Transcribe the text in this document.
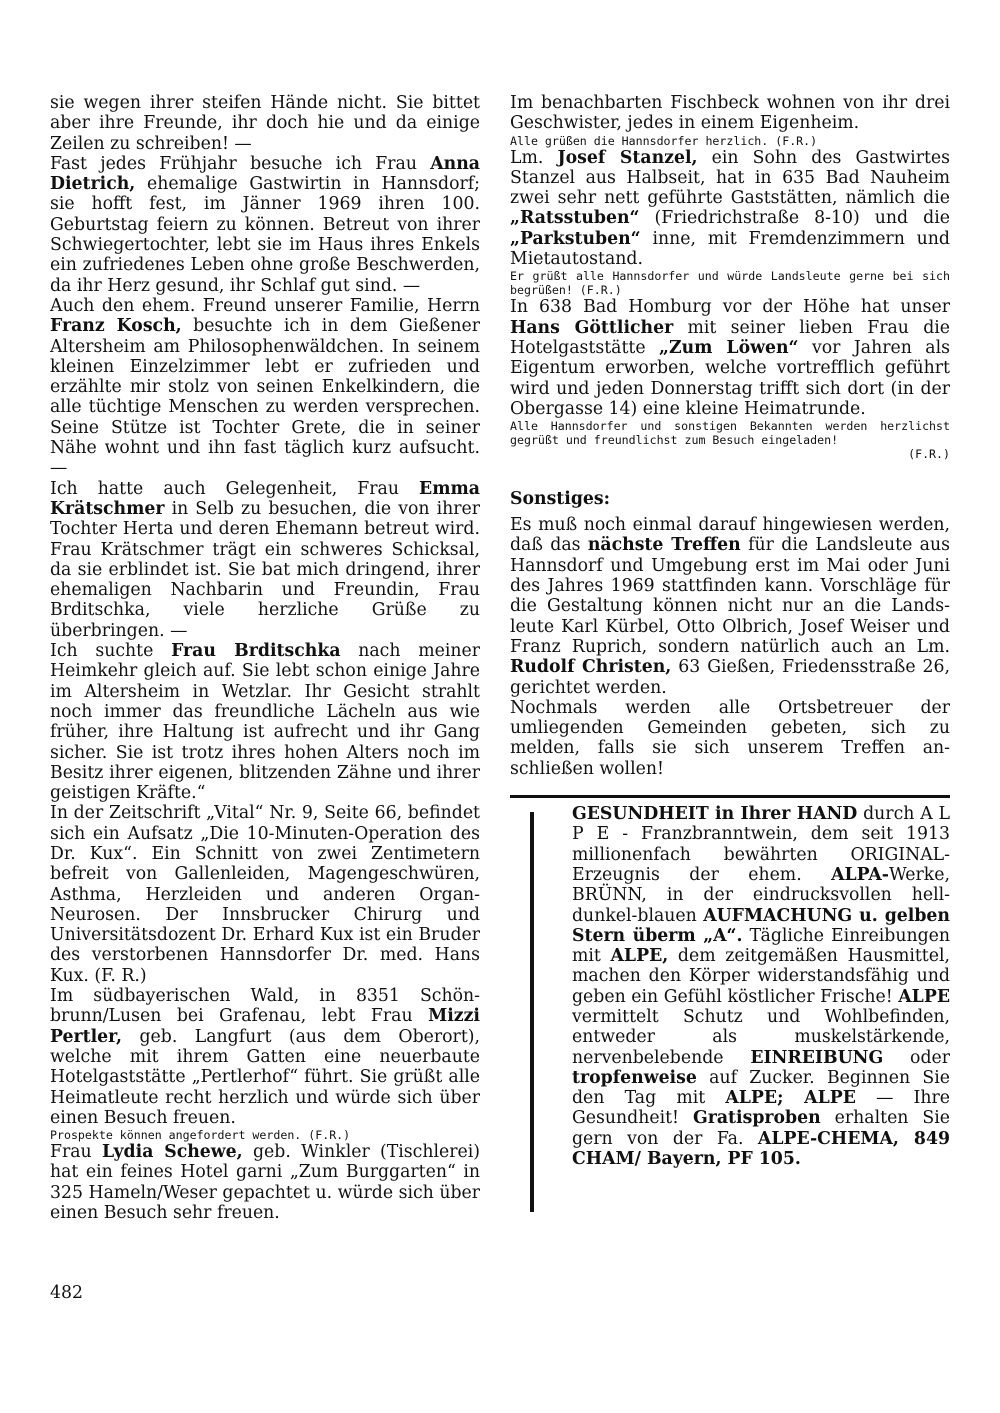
sie wegen ihrer steifen Hände nicht. Sie bittet aber ihre Freunde, ihr doch hie und da einige Zeilen zu schreiben! —

Fast jedes Frühjahr besuche ich Frau Anna Dietrich, ehemalige Gastwirtin in Hannsdorf; sie hofft fest, im Jänner 1969 ihren 100. Geburtstag feiern zu können. Betreut von ihrer Schwiegertochter, lebt sie im Haus ihres Enkels ein zufriedenes Leben ohne große Beschwerden, da ihr Herz gesund, ihr Schlaf gut sind. —

Auch den ehem. Freund unserer Familie, Herrn Franz Kosch, besuchte ich in dem Gießener Altersheim am Philosophenwäldchen. In seinem kleinen Einzelzimmer lebt er zufrieden und erzählte mir stolz von seinen Enkelkindern, die alle tüchtige Menschen zu werden versprechen. Seine Stütze ist Tochter Grete, die in seiner Nähe wohnt und ihn fast täglich kurz aufsucht. —

Ich hatte auch Gelegenheit, Frau Emma Krätschmer in Selb zu besuchen, die von ihrer Tochter Herta und deren Ehemann betreut wird. Frau Krätschmer trägt ein schweres Schicksal, da sie erblindet ist. Sie bat mich dringend, ihrer ehemaligen Nachbarin und Freundin, Frau Brditschka, viele herzliche Grüße zu überbringen. —

Ich suchte Frau Brditschka nach meiner Heimkehr gleich auf. Sie lebt schon einige Jahre im Altersheim in Wetzlar. Ihr Gesicht strahlt noch immer das freundliche Lächeln aus wie früher, ihre Haltung ist aufrecht und ihr Gang sicher. Sie ist trotz ihres hohen Alters noch im Besitz ihrer eigenen, blitzenden Zähne und ihrer geistigen Kräfte.“

In der Zeitschrift „Vital“ Nr. 9, Seite 66, befindet sich ein Aufsatz „Die 10-Minuten-Operation des Dr. Kux“. Ein Schnitt von zwei Zentimetern befreit von Gallenleiden, Magengeschwüren, Asthma, Herzleiden und anderen Organ-Neurosen. Der Innsbrucker Chirurg und Universitätsdozent Dr. Erhard Kux ist ein Bruder des verstorbenen Hannsdorfer Dr. med. Hans Kux. (F. R.)

Im südbayerischen Wald, in 8351 Schönbrunn/Lusen bei Grafenau, lebt Frau Mizzi Pertler, geb. Langfurt (aus dem Oberort), welche mit ihrem Gatten eine neuerbaute Hotelgaststätte „Pertlerhof“ führt. Sie grüßt alle Heimatleute recht herzlich und würde sich über einen Besuch freuen.

Prospekte können angefordert werden. (F.R.)

Frau Lydia Schewe, geb. Winkler (Tischlerei) hat ein feines Hotel garni „Zum Burggarten“ in 325 Hameln/Weser gepachtet u. würde sich über einen Besuch sehr freuen.

Im benachbarten Fischbeck wohnen von ihr drei Geschwister, jedes in einem Eigenheim.

Alle grüßen die Hannsdorfer herzlich. (F.R.)

Lm. Josef Stanzel, ein Sohn des Gastwirtes Stanzel aus Halbseit, hat in 635 Bad Nauheim zwei sehr nett geführte Gaststätten, nämlich die „Ratsstuben“ (Friedrichstraße 8-10) und die „Parkstuben“ inne, mit Fremdenzimmern und Mietautostand.

Er grüßt alle Hannsdorfer und würde Landsleute gerne bei sich begrüßen! (F.R.)

In 638 Bad Homburg vor der Höhe hat unser Hans Göttlicher mit seiner lieben Frau die Hotelgaststätte „Zum Löwen“ vor Jahren als Eigentum erworben, welche vortrefflich geführt wird und jeden Donnerstag trifft sich dort (in der Obergasse 14) eine kleine Heimatrunde.

Alle Hannsdorfer und sonstigen Bekannten werden herzlichst gegrüßt und freundlichst zum Besuch eingeladen!

(F.R.)

Sonstiges:

Es muß noch einmal darauf hingewiesen werden, daß das nächste Treffen für die Landsleute aus Hannsdorf und Umgebung erst im Mai oder Juni des Jahres 1969 stattfinden kann. Vorschläge für die Gestaltung können nicht nur an die Landsleute Karl Kürbel, Otto Olbrich, Josef Weiser und Franz Ruprich, sondern natürlich auch an Lm. Rudolf Christen, 63 Gießen, Friedensstraße 26, gerichtet werden.

Nochmals werden alle Ortsbetreuer der umliegenden Gemeinden gebeten, sich zu melden, falls sie sich unserem Treffen anschließen wollen!

GESUNDHEIT in Ihrer HAND durch A L P E - Franzbranntwein, dem seit 1913 millionenfach bewährten ORIGINAL-Erzeugnis der ehem. ALPA-Werke, BRÜNN, in der eindrucksvollen hell-dunkel-blauen AUFMACHUNG u. gelben Stern überm „A“. Tägliche Einreibungen mit ALPE, dem zeitgemäßen Hausmittel, machen den Körper widerstandsfähig und geben ein Gefühl köstlicher Frische! ALPE vermittelt Schutz und Wohlbefinden, entweder als muskelstärkende, nervenbelebende EINREIBUNG oder tropfenweise auf Zucker. Beginnen Sie den Tag mit ALPE; ALPE — Ihre Gesundheit! Gratisproben erhalten Sie gern von der Fa. ALPE-CHEMA, 849 CHAM/ Bayern, PF 105.

482
